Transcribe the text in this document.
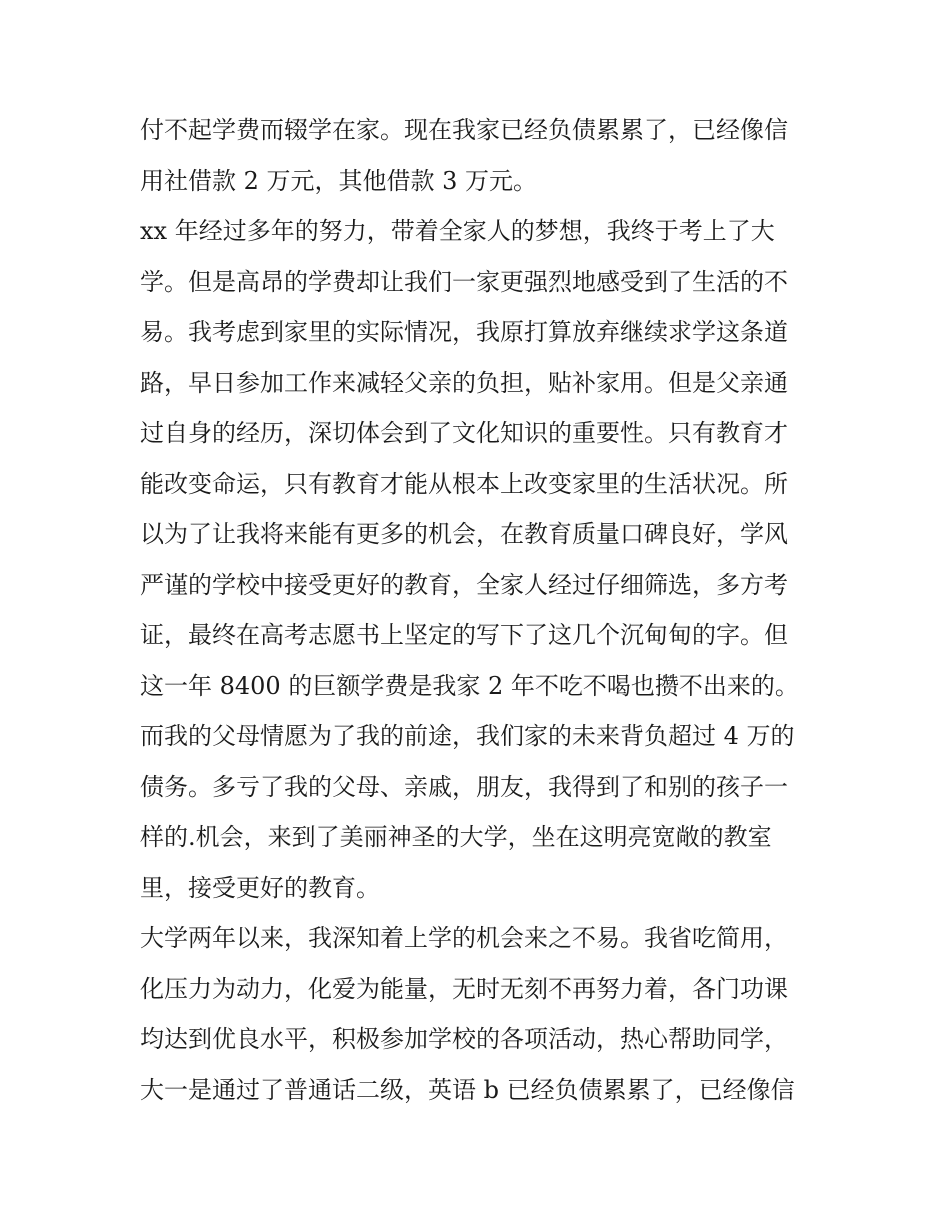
付不起学费而辍学在家。现在我家已经负债累累了，已经像信
用社借款 2 万元，其他借款 3 万元。
xx 年经过多年的努力，带着全家人的梦想，我终于考上了大
学。但是高昂的学费却让我们一家更强烈地感受到了生活的不
易。我考虑到家里的实际情况，我原打算放弃继续求学这条道
路，早日参加工作来减轻父亲的负担，贴补家用。但是父亲通
过自身的经历，深切体会到了文化知识的重要性。只有教育才
能改变命运，只有教育才能从根本上改变家里的生活状况。所
以为了让我将来能有更多的机会，在教育质量口碑良好，学风
严谨的学校中接受更好的教育，全家人经过仔细筛选，多方考
证，最终在高考志愿书上坚定的写下了这几个沉甸甸的字。但
这一年 8400 的巨额学费是我家 2 年不吃不喝也攒不出来的。
而我的父母情愿为了我的前途，我们家的未来背负超过 4 万的
债务。多亏了我的父母、亲戚，朋友，我得到了和别的孩子一
样的.机会，来到了美丽神圣的大学，坐在这明亮宽敞的教室
里，接受更好的教育。
大学两年以来，我深知着上学的机会来之不易。我省吃简用，
化压力为动力，化爱为能量，无时无刻不再努力着，各门功课
均达到优良水平，积极参加学校的各项活动，热心帮助同学，
大一是通过了普通话二级，英语 b 已经负债累累了，已经像信
